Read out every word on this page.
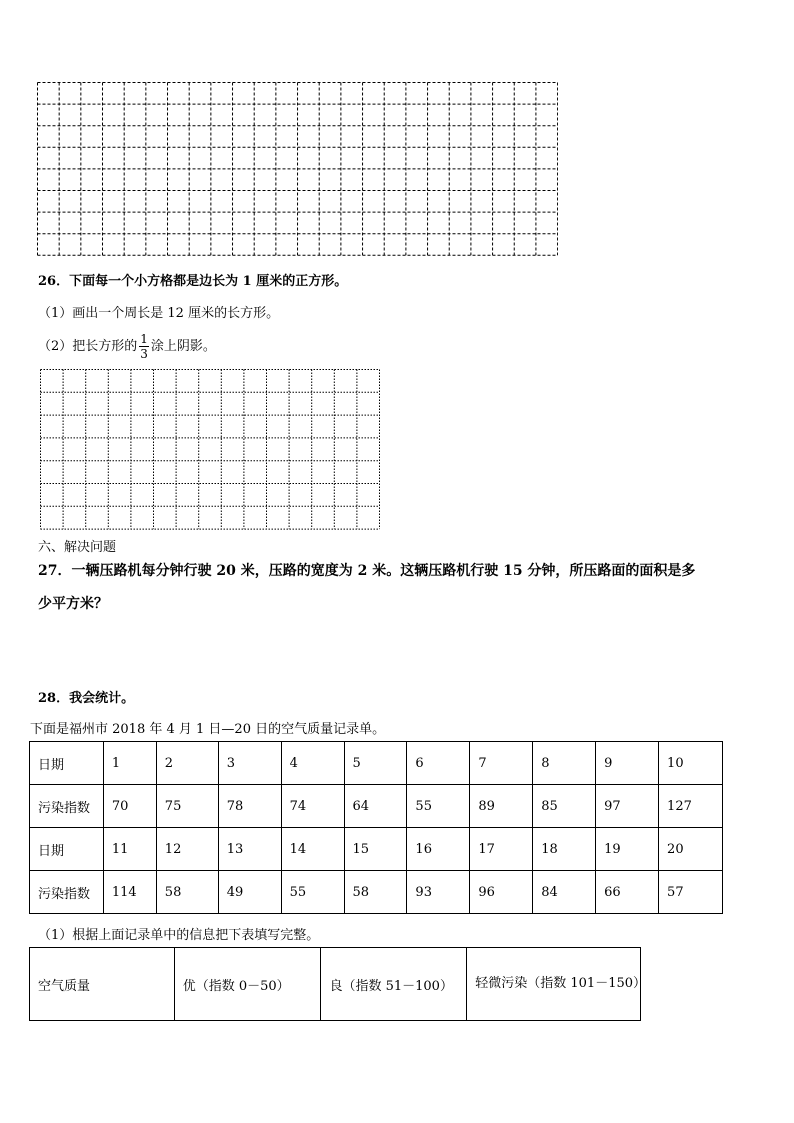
26．下面每一个小方格都是边长为 1 厘米的正方形。
（1）画出一个周长是 12 厘米的长方形。
（2）把长方形的 $\frac{1}{3}$ 涂上阴影。
六、解决问题
27．一辆压路机每分钟行驶 20 米，压路的宽度为 2 米。这辆压路机行驶 15 分钟，所压路面的面积是多
少平方米？
28．我会统计。
下面是福州市 2018 年 4 月 1 日—20 日的空气质量记录单。
日期	1	2	3	4	5	6	7	8	9	10
污染指数	70	75	78	74	64	55	89	85	97	127
日期	11	12	13	14	15	16	17	18	19	20
污染指数	114	58	49	55	58	93	96	84	66	57
（1）根据上面记录单中的信息把下表填写完整。
空气质量	优（指数 0－50）	良（指数 51－100）	轻微污染（指数 101－150）
